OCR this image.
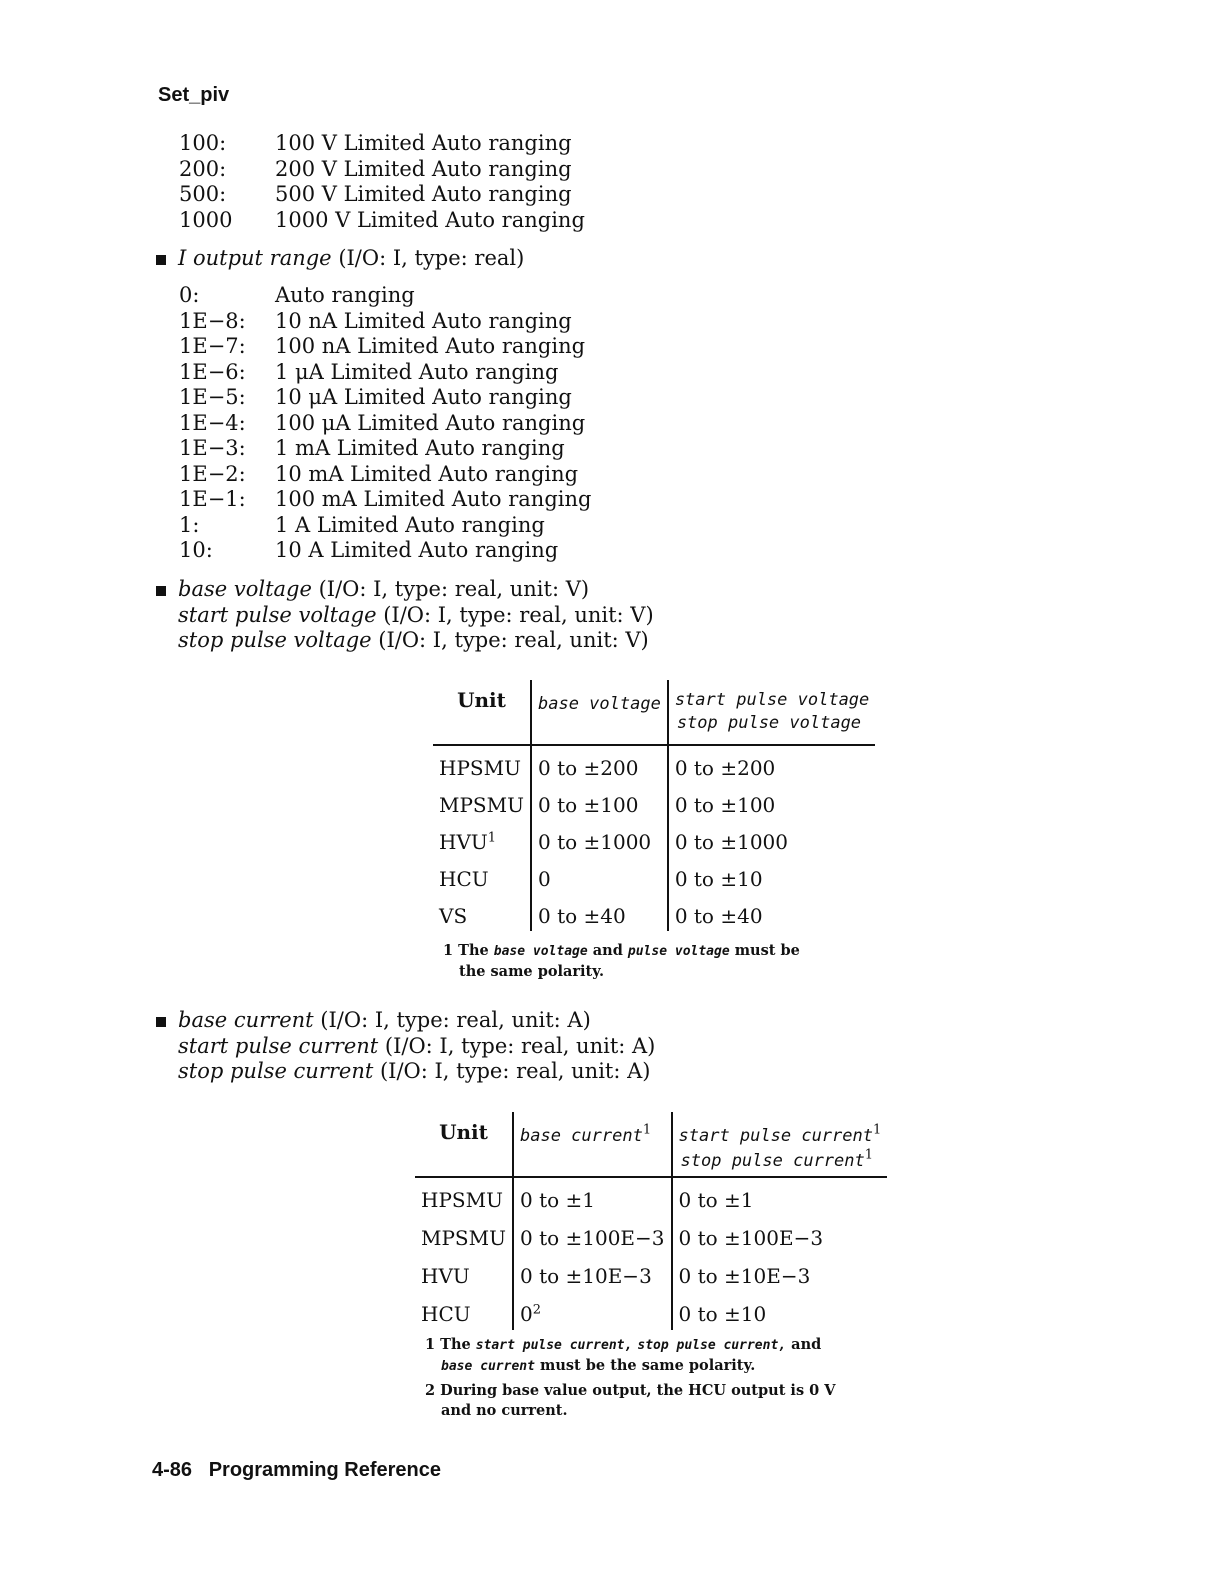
Set_piv
100: 100 V Limited Auto ranging
200: 200 V Limited Auto ranging
500: 500 V Limited Auto ranging
1000 1000 V Limited Auto ranging
I output range (I/O: I, type: real)
0:	Auto ranging
1E−8: 10 nA Limited Auto ranging
1E−7: 100 nA Limited Auto ranging
1E−6: 1 μA Limited Auto ranging
1E−5: 10 μA Limited Auto ranging
1E−4: 100 μA Limited Auto ranging
1E−3: 1 mA Limited Auto ranging
1E−2: 10 mA Limited Auto ranging
1E−1: 100 mA Limited Auto ranging
1:	1 A Limited Auto ranging
10:	10 A Limited Auto ranging
base voltage (I/O: I, type: real, unit: V)
start pulse voltage (I/O: I, type: real, unit: V)
stop pulse voltage (I/O: I, type: real, unit: V)
Unit	base voltage	start pulse voltage
stop pulse voltage

HPSMU	0 to ±200	0 to ±200
MPSMU	0 to ±100	0 to ±100
HVU$^1$	0 to ±1000	0 to ±1000
HCU	0	0 to ±10
VS	0 to ±40	0 to ±40
1 The base voltage and pulse voltage must be
the same polarity.
base current (I/O: I, type: real, unit: A)
start pulse current (I/O: I, type: real, unit: A)
stop pulse current (I/O: I, type: real, unit: A)
Unit	base current$^1$	start pulse current$^1$
stop pulse current$^1$

HPSMU	0 to ±1	0 to ±1
MPSMU	0 to ±100E−3	0 to ±100E−3
HVU	0 to ±10E−3	0 to ±10E−3
HCU	$0^2$	0 to ±10
1 The start pulse current, stop pulse current, and
base current must be the same polarity.
2 During base value output, the HCU output is 0 V
and no current.
4-86 Programming Reference
